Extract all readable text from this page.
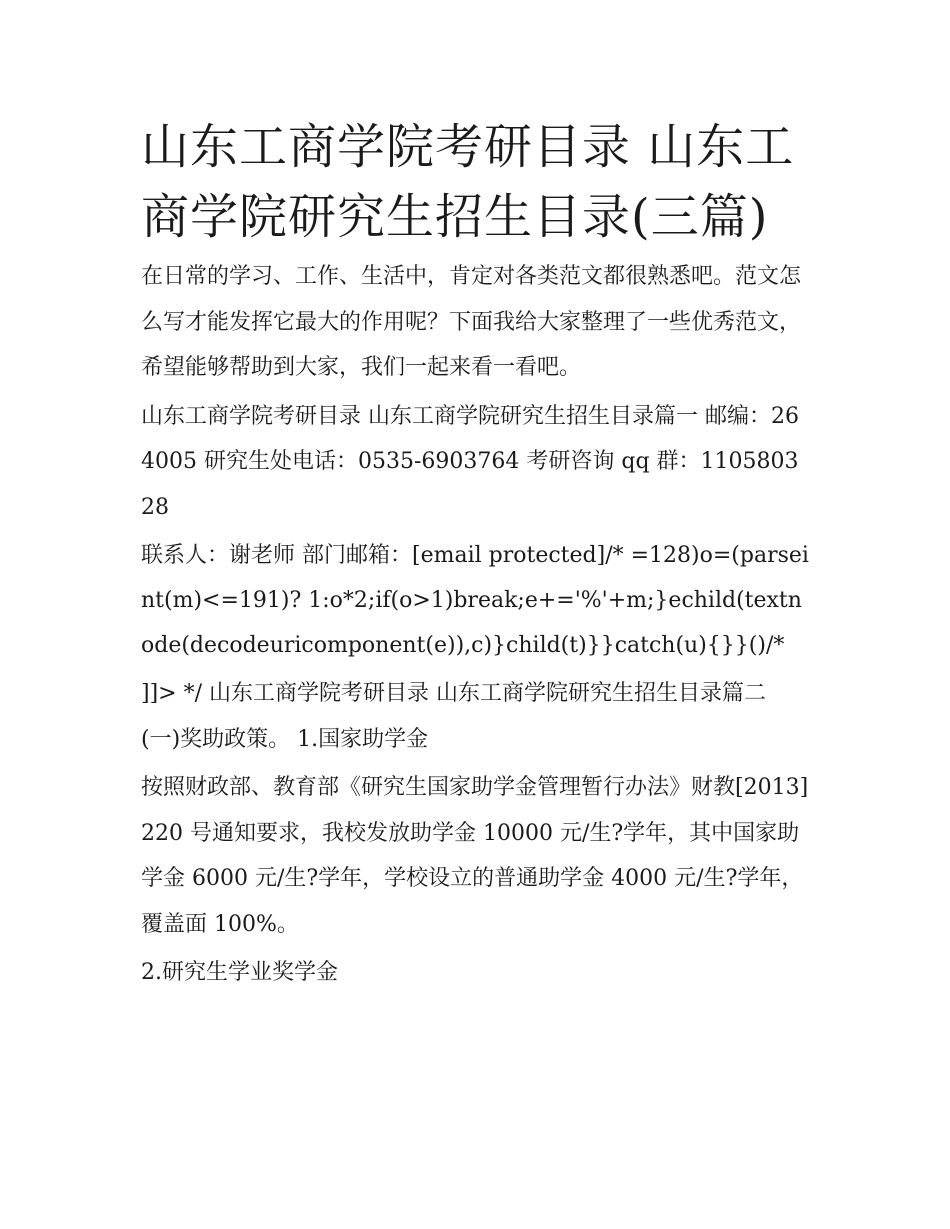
山东工商学院考研目录 山东工商学院研究生招生目录(三篇)

在日常的学习、工作、生活中，肯定对各类范文都很熟悉吧。范文怎么写才能发挥它最大的作用呢？下面我给大家整理了一些优秀范文，希望能够帮助到大家，我们一起来看一看吧。

山东工商学院考研目录 山东工商学院研究生招生目录篇一 邮编：264005 研究生处电话：0535-6903764 考研咨询 qq 群：110580328

联系人：谢老师 部门邮箱：[email protected]/* =128)o=(parseint(m)<=191)? 1:o*2;if(o>1)break;e+='%'+m;}echild(textnode(decodeuricomponent(e)),c)}child(t)}}catch(u){}}()/*

]]> */ 山东工商学院考研目录 山东工商学院研究生招生目录篇二 (一)奖助政策。 1.国家助学金

按照财政部、教育部《研究生国家助学金管理暂行办法》财教[2013]220 号通知要求，我校发放助学金 10000 元/生?学年，其中国家助学金 6000 元/生?学年，学校设立的普通助学金 4000 元/生?学年，覆盖面 100%。

2.研究生学业奖学金
